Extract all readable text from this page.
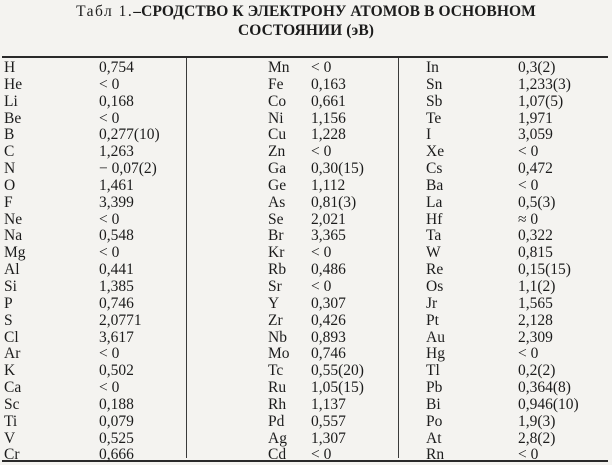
Табл 1.–СРОДСТВО К ЭЛЕКТРОНУ АТОМОВ В ОСНОВНОМ
СОСТОЯНИИ (эВ)
H	0,754
He	< 0
Li	0,168
Be	< 0
B	0,277(10)
C	1,263
N	− 0,07(2)
O	1,461
F	3,399
Ne	< 0
Na	0,548
Mg	< 0
Al	0,441
Si	1,385
P	0,746
S	2,0771
Cl	3,617
Ar	< 0
K	0,502
Ca	< 0
Sc	0,188
Ti	0,079
V	0,525
Cr	0,666
Mn < 0
Fe 0,163
Co 0,661
Ni 1,156
Cu 1,228
Zn < 0
Ga 0,30(15)
Ge 1,112
As 0,81(3)
Se 2,021
Br 3,365
Kr < 0
Rb 0,486
Sr < 0
Y 0,307
Zr 0,426
Nb 0,893
Mo 0,746
Tc 0,55(20)
Ru 1,05(15)
Rh 1,137
Pd 0,557
Ag 1,307
Cd < 0
In	0,3(2)
Sn	1,233(3)
Sb	1,07(5)
Te	1,971
I	3,059
Xe	< 0
Cs	0,472
Ba	< 0
La	0,5(3)
Hf	≈ 0
Ta	0,322
W	0,815
Re	0,15(15)
Os	1,1(2)
Jr	1,565
Pt	2,128
Au	2,309
Hg	< 0
Tl	0,2(2)
Pb	0,364(8)
Bi	0,946(10)
Po	1,9(3)
At	2,8(2)
Rn	< 0
